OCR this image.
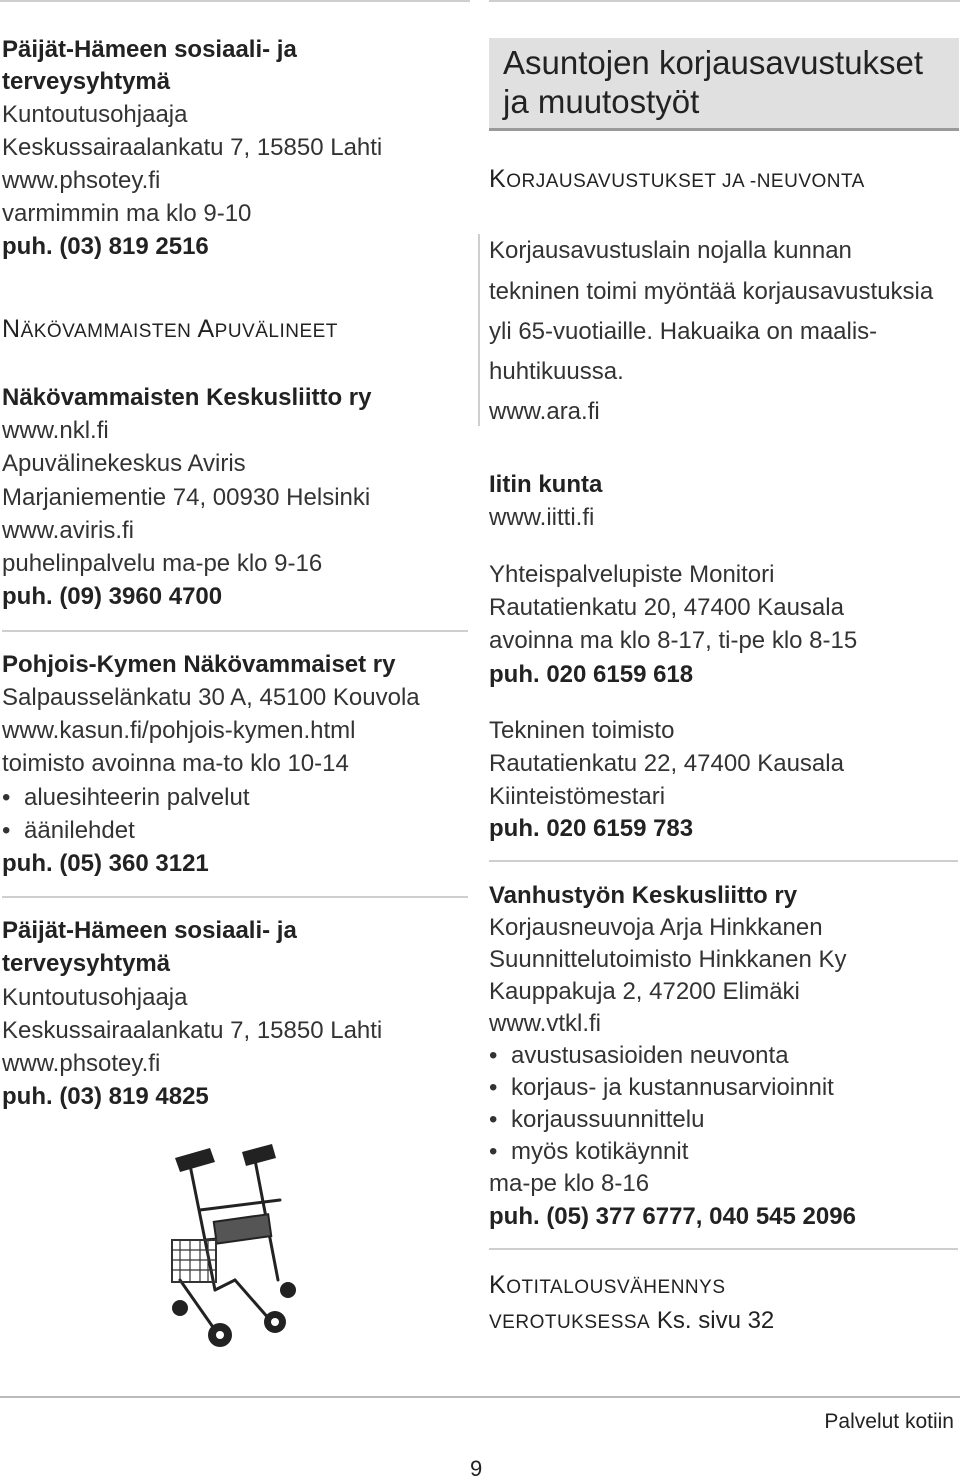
Päijät-Hämeen sosiaali- ja
terveysyhtymä
Kuntoutusohjaaja
Keskussairaalankatu 7, 15850 Lahti
www.phsotey.fi
varmimmin ma klo 9-10
puh. (03) 819 2516
NÄKÖVAMMAISTEN APUVÄLINEET
Näkövammaisten Keskusliitto ry
www.nkl.fi
Apuvälinekeskus Aviris
Marjaniementie 74, 00930 Helsinki
www.aviris.fi
puhelinpalvelu ma-pe klo 9-16
puh. (09) 3960 4700
Pohjois-Kymen Näkövammaiset ry
Salpausselänkatu 30 A, 45100 Kouvola
www.kasun.fi/pohjois-kymen.html
toimisto avoinna ma-to klo 10-14
• aluesihteerin palvelut
• äänilehdet
puh. (05) 360 3121
Päijät-Hämeen sosiaali- ja
terveysyhtymä
Kuntoutusohjaaja
Keskussairaalankatu 7, 15850 Lahti
www.phsotey.fi
puh. (03) 819 4825
Asuntojen korjausavustukset
ja muutostyöt
KORJAUSAVUSTUKSET JA -NEUVONTA
Korjausavustuslain nojalla kunnan
tekninen toimi myöntää korjausavustuksia
yli 65-vuotiaille. Hakuaika on maalis-
huhtikuussa.
www.ara.fi
Iitin kunta
www.iitti.fi
Yhteispalvelupiste Monitori
Rautatienkatu 20, 47400 Kausala
avoinna ma klo 8-17, ti-pe klo 8-15
puh. 020 6159 618
Tekninen toimisto
Rautatienkatu 22, 47400 Kausala
Kiinteistömestari
puh. 020 6159 783
Vanhustyön Keskusliitto ry
Korjausneuvoja Arja Hinkkanen
Suunnittelutoimisto Hinkkanen Ky
Kauppakuja 2, 47200 Elimäki
www.vtkl.fi
• avustusasioiden neuvonta
• korjaus- ja kustannusarvioinnit
• korjaussuunnittelu
• myös kotikäynnit
ma-pe klo 8-16
puh. (05) 377 6777, 040 545 2096
KOTITALOUSVÄHENNYS
VEROTUKSESSA Ks. sivu 32
Palvelut kotiin
9
